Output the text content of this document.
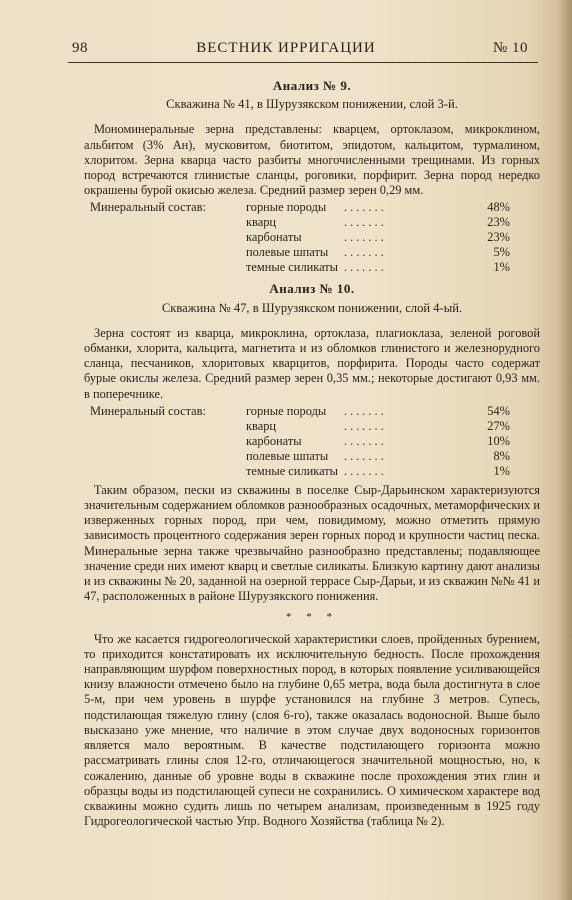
98	ВЕСТНИК ИРРИГАЦИИ	№ 10
Анализ № 9.
Скважина № 41, в Шурузякском понижении, слой 3-й.

Мономинеральные зерна представлены: кварцем, ортоклазом, микроклином, альбитом (3% Ан), мусковитом, биотитом, эпидотом, кальцитом, турмалином, хлоритом. Зерна кварца часто разбиты многочисленными трещинами. Из горных пород встречаются глинистые сланцы, роговики, порфирит. Зерна пород нередко окрашены бурой окисью железа. Средний размер зерен 0,29 мм.

Минеральный состав:	горные породы .......	48%
кварц	.......	23%
карбонаты	.......	23%
полевые шпаты .......	5%
темные силикаты .......	1%
Анализ № 10.
Скважина № 47, в Шурузякском понижении, слой 4-ый.

Зерна состоят из кварца, микроклина, ортоклаза, плагиоклаза, зеленой роговой обманки, хлорита, кальцита, магнетита и из обломков глинистого и железнорудного сланца, песчаников, хлоритовых кварцитов, порфирита. Породы часто содержат бурые окислы железа. Средний размер зерен 0,35 мм.; некоторые достигают 0,93 мм. в поперечнике.

Минеральный состав:	горные породы .......	54%
кварц	.......	27%
карбонаты	.......	10%
полевые шпаты .......	8%
темные силикаты .......	1%

Таким образом, пески из скважины в поселке Сыр-Дарьинском характеризуются значительным содержанием обломков разнообразных осадочных, метаморфических и изверженных горных пород, при чем, повидимому, можно отметить прямую зависимость процентного содержания зерен горных пород и крупности частиц песка. Минеральные зерна также чрезвычайно разнообразно представлены; подавляющее значение среди них имеют кварц и светлые силикаты. Близкую картину дают анализы и из скважины № 20, заданной на озерной террасе Сыр-Дарьи, и из скважин №№ 41 и 47, расположенных в районе Шурузякского понижения.

* * *

Что же касается гидрогеологической характеристики слоев, пройденных бурением, то приходится констатировать их исключительную бедность. После прохождения направляющим шурфом поверхностных пород, в которых появление усиливающейся книзу влажности отмечено было на глубине 0,65 метра, вода была достигнута в слое 5-м, при чем уровень в шурфе установился на глубине 3 метров. Супесь, подстилающая тяжелую глину (слоя 6-го), также оказалась водоносной. Выше было высказано уже мнение, что наличие в этом случае двух водоносных горизонтов является мало вероятным. В качестве подстилающего горизонта можно рассматривать глины слоя 12-го, отличающегося значительной мощностью, но, к сожалению, данные об уровне воды в скважине после прохождения этих глин и образцы воды из подстилающей супеси не сохранились. О химическом характере вод скважины можно судить лишь по четырем анализам, произведенным в 1925 году Гидрогеологической частью Упр. Водного Хозяйства (таблица № 2).
